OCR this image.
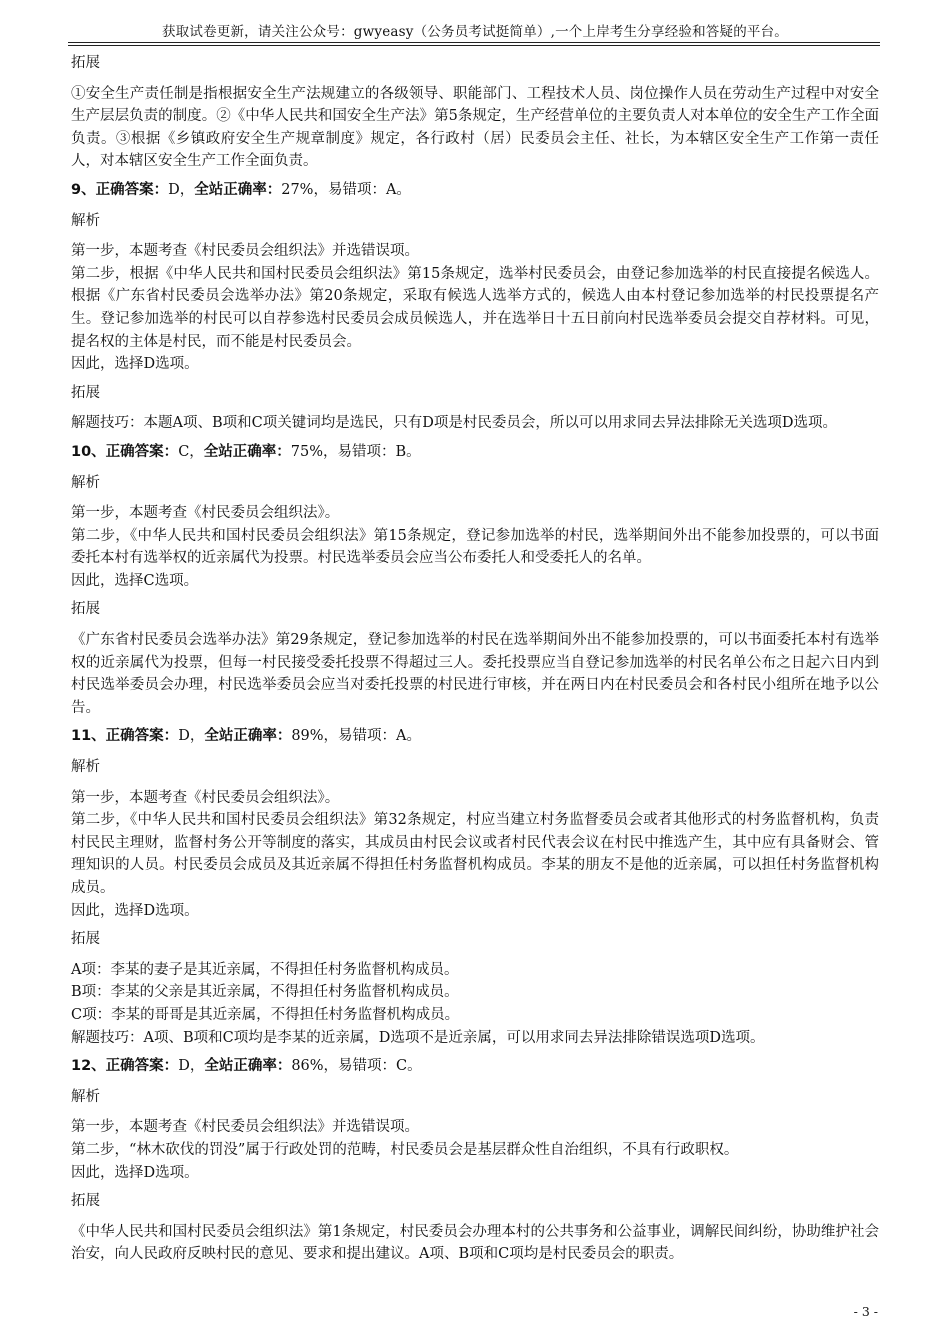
获取试卷更新，请关注公众号：gwyeasy（公务员考试挺简单）,一个上岸考生分享经验和答疑的平台。
拓展

①安全生产责任制是指根据安全生产法规建立的各级领导、职能部门、工程技术人员、岗位操作人员在劳动生产过程中对安全生产层层负责的制度。②《中华人民共和国安全生产法》第5条规定，生产经营单位的主要负责人对本单位的安全生产工作全面负责。③根据《乡镇政府安全生产规章制度》规定，各行政村（居）民委员会主任、社长，为本辖区安全生产工作第一责任人，对本辖区安全生产工作全面负责。

9、正确答案：D，全站正确率：27%，易错项：A。
解析

第一步，本题考查《村民委员会组织法》并选错误项。

第二步，根据《中华人民共和国村民委员会组织法》第15条规定，选举村民委员会，由登记参加选举的村民直接提名候选人。根据《广东省村民委员会选举办法》第20条规定，采取有候选人选举方式的，候选人由本村登记参加选举的村民投票提名产生。登记参加选举的村民可以自荐参选村民委员会成员候选人，并在选举日十五日前向村民选举委员会提交自荐材料。可见，提名权的主体是村民，而不能是村民委员会。

因此，选择D选项。

拓展

解题技巧：本题A项、B项和C项关键词均是选民，只有D项是村民委员会，所以可以用求同去异法排除无关选项D选项。

10、正确答案：C，全站正确率：75%，易错项：B。
解析

第一步，本题考查《村民委员会组织法》。

第二步，《中华人民共和国村民委员会组织法》第15条规定，登记参加选举的村民，选举期间外出不能参加投票的，可以书面委托本村有选举权的近亲属代为投票。村民选举委员会应当公布委托人和受委托人的名单。

因此，选择C选项。

拓展

《广东省村民委员会选举办法》第29条规定，登记参加选举的村民在选举期间外出不能参加投票的，可以书面委托本村有选举权的近亲属代为投票，但每一村民接受委托投票不得超过三人。委托投票应当自登记参加选举的村民名单公布之日起六日内到村民选举委员会办理，村民选举委员会应当对委托投票的村民进行审核，并在两日内在村民委员会和各村民小组所在地予以公告。

11、正确答案：D，全站正确率：89%，易错项：A。
解析

第一步，本题考查《村民委员会组织法》。

第二步，《中华人民共和国村民委员会组织法》第32条规定，村应当建立村务监督委员会或者其他形式的村务监督机构，负责村民民主理财，监督村务公开等制度的落实，其成员由村民会议或者村民代表会议在村民中推选产生，其中应有具备财会、管理知识的人员。村民委员会成员及其近亲属不得担任村务监督机构成员。李某的朋友不是他的近亲属，可以担任村务监督机构成员。

因此，选择D选项。

拓展

A项：李某的妻子是其近亲属，不得担任村务监督机构成员。

B项：李某的父亲是其近亲属，不得担任村务监督机构成员。

C项：李某的哥哥是其近亲属，不得担任村务监督机构成员。

解题技巧：A项、B项和C项均是李某的近亲属，D选项不是近亲属，可以用求同去异法排除错误选项D选项。

12、正确答案：D，全站正确率：86%，易错项：C。
解析

第一步，本题考查《村民委员会组织法》并选错误项。

第二步，“林木砍伐的罚没”属于行政处罚的范畴，村民委员会是基层群众性自治组织，不具有行政职权。

因此，选择D选项。

拓展

《中华人民共和国村民委员会组织法》第1条规定，村民委员会办理本村的公共事务和公益事业，调解民间纠纷，协助维护社会治安，向人民政府反映村民的意见、要求和提出建议。A项、B项和C项均是村民委员会的职责。

- 3 -
